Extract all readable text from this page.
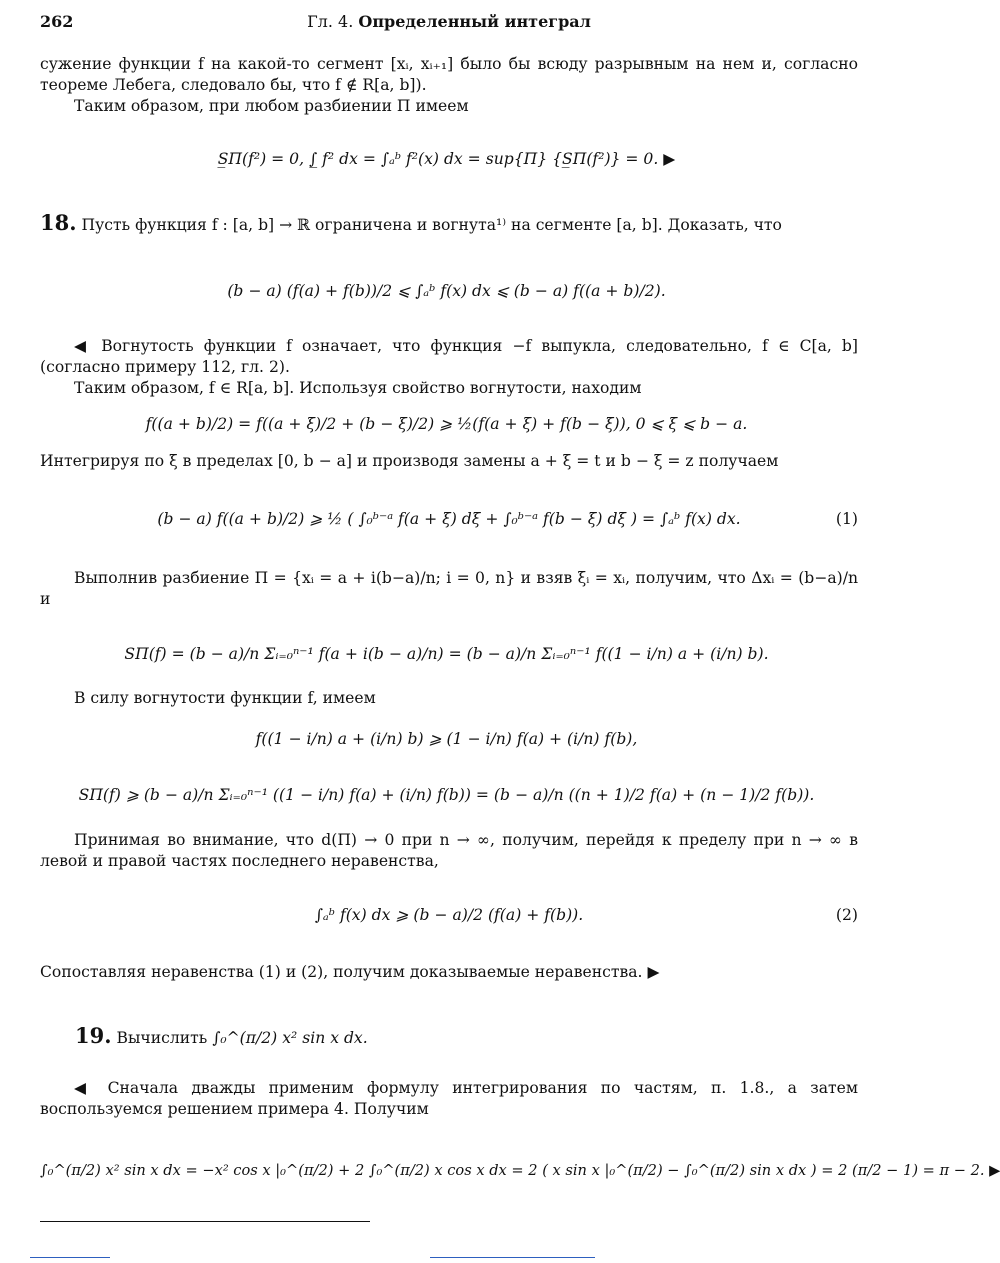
262	Гл. 4. Определенный интеграл

сужение функции f на какой-то сегмент [xᵢ, xᵢ₊₁] было бы всюду разрывным на нем и, согласно теореме Лебега, следовало бы, что f ∉ R[a, b]).

Таким образом, при любом разбиении Π имеем

S̲Π(f²) = 0, ∫̲ f² dx = ∫ₐᵇ f²(x) dx = sup{Π} {S̲Π(f²)} = 0. ▶

18. Пусть функция f : [a, b] → ℝ ограничена и вогнута¹⁾ на сегменте [a, b]. Доказать, что

(b − a) (f(a) + f(b))/2 ⩽ ∫ₐᵇ f(x) dx ⩽ (b − a) f((a + b)/2).

◀ Вогнутость функции f означает, что функция −f выпукла, следовательно, f ∈ C[a, b] (согласно примеру 112, гл. 2).

Таким образом, f ∈ R[a, b]. Используя свойство вогнутости, находим

f((a + b)/2) = f((a + ξ)/2 + (b − ξ)/2) ⩾ ½(f(a + ξ) + f(b − ξ)), 0 ⩽ ξ ⩽ b − a.

Интегрируя по ξ в пределах [0, b − a] и производя замены a + ξ = t и b − ξ = z получаем

(b − a) f((a + b)/2) ⩾ ½ ( ∫₀ᵇ⁻ᵃ f(a + ξ) dξ + ∫₀ᵇ⁻ᵃ f(b − ξ) dξ ) = ∫ₐᵇ f(x) dx.	(1)

Выполнив разбиение Π = {xᵢ = a + i(b−a)/n; i = 0, n} и взяв ξᵢ = xᵢ, получим, что Δxᵢ = (b−a)/n и

SΠ(f) = (b − a)/n Σᵢ₌₀ⁿ⁻¹ f(a + i(b − a)/n) = (b − a)/n Σᵢ₌₀ⁿ⁻¹ f((1 − i/n) a + (i/n) b).

В силу вогнутости функции f, имеем

f((1 − i/n) a + (i/n) b) ⩾ (1 − i/n) f(a) + (i/n) f(b),
SΠ(f) ⩾ (b − a)/n Σᵢ₌₀ⁿ⁻¹ ((1 − i/n) f(a) + (i/n) f(b)) = (b − a)/n ((n + 1)/2 f(a) + (n − 1)/2 f(b)).

Принимая во внимание, что d(Π) → 0 при n → ∞, получим, перейдя к пределу при n → ∞ в левой и правой частях последнего неравенства,

∫ₐᵇ f(x) dx ⩾ (b − a)/2 (f(a) + f(b)).	(2)

Сопоставляя неравенства (1) и (2), получим доказываемые неравенства. ▶

19. Вычислить ∫₀^(π/2) x² sin x dx.

◀ Сначала дважды применим формулу интегрирования по частям, п. 1.8., а затем воспользуемся решением примера 4. Получим

∫₀^(π/2) x² sin x dx = −x² cos x |₀^(π/2) + 2 ∫₀^(π/2) x cos x dx = 2 ( x sin x |₀^(π/2) − ∫₀^(π/2) sin x dx ) = 2 (π/2 − 1) = π − 2. ▶
